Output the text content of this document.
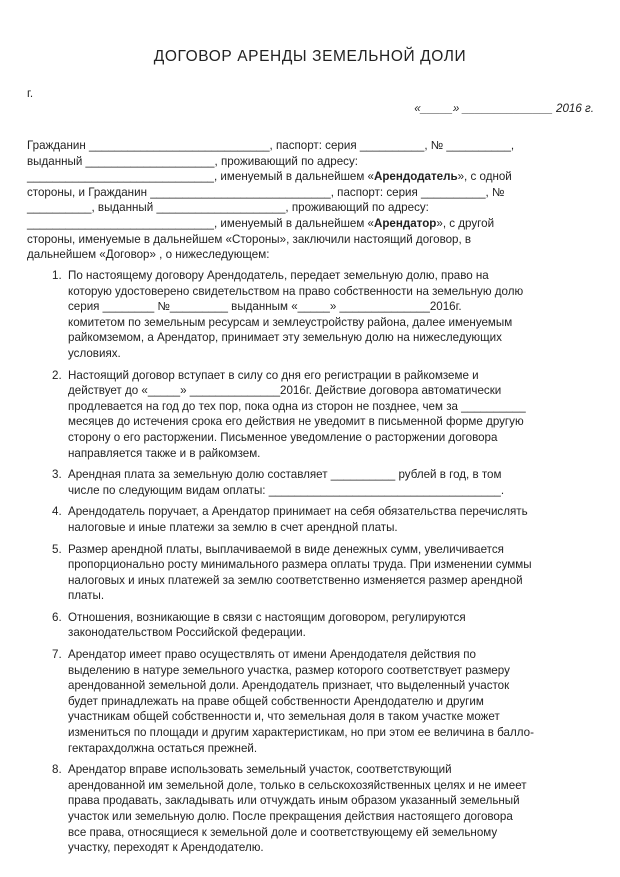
ДОГОВОР АРЕНДЫ ЗЕМЕЛЬНОЙ ДОЛИ
г.
«_____» ______________ 2016 г.
Гражданин ____________________________, паспорт: серия __________, № __________,
выданный ____________________, проживающий по адресу:
_____________________________, именуемый в дальнейшем «Арендодатель», с одной
стороны, и Гражданин ____________________________, паспорт: серия __________, №
__________, выданный ____________________, проживающий по адресу:
_____________________________, именуемый в дальнейшем «Арендатор», с другой
стороны, именуемые в дальнейшем «Стороны», заключили настоящий договор, в
дальнейшем «Договор» , о нижеследующем:
1. По настоящему договору Арендодатель, передает земельную долю, право на
которую удостоверено свидетельством на право собственности на земельную долю
серия ________ №_________ выданным «_____» ______________2016г.
комитетом по земельным ресурсам и землеустройству района, далее именуемым
райкомземом, а Арендатор, принимает эту земельную долю на нижеследующих
условиях.
2. Настоящий договор вступает в силу со дня его регистрации в райкомземе и
действует до «_____» ______________2016г. Действие договора автоматически
продлевается на год до тех пор, пока одна из сторон не позднее, чем за __________
месяцев до истечения срока его действия не уведомит в письменной форме другую
сторону о его расторжении. Письменное уведомление о расторжении договора
направляется также и в райкомзем.
3. Арендная плата за земельную долю составляет __________ рублей в год, в том
числе по следующим видам оплаты: ____________________________________.
4. Арендодатель поручает, а Арендатор принимает на себя обязательства перечислять
налоговые и иные платежи за землю в счет арендной платы.
5. Размер арендной платы, выплачиваемой в виде денежных сумм, увеличивается
пропорционально росту минимального размера оплаты труда. При изменении суммы
налоговых и иных платежей за землю соответственно изменяется размер арендной
платы.
6. Отношения, возникающие в связи с настоящим договором, регулируются
законодательством Российской федерации.
7. Арендатор имеет право осуществлять от имени Арендодателя действия по
выделению в натуре земельного участка, размер которого соответствует размеру
арендованной земельной доли. Арендодатель признает, что выделенный участок
будет принадлежать на праве общей собственности Арендодателю и другим
участникам общей собственности и, что земельная доля в таком участке может
измениться по площади и другим характеристикам, но при этом ее величина в балло-
гектарахдолжна остаться прежней.
8. Арендатор вправе использовать земельный участок, соответствующий
арендованной им земельной доле, только в сельскохозяйственных целях и не имеет
права продавать, закладывать или отчуждать иным образом указанный земельный
участок или земельную долю. После прекращения действия настоящего договора
все права, относящиеся к земельной доле и соответствующему ей земельному
участку, переходят к Арендодателю.
